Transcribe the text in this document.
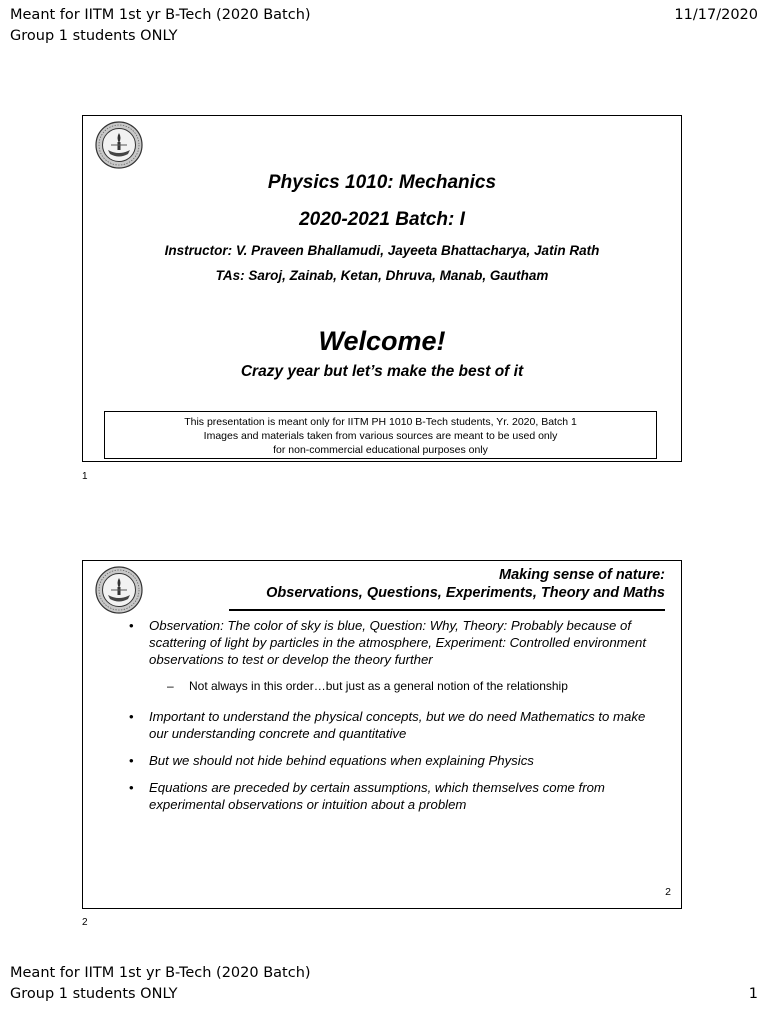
Meant for IITM 1st yr B-Tech (2020 Batch)
Group 1 students ONLY
11/17/2020
Physics 1010: Mechanics
2020-2021 Batch: I
Instructor: V. Praveen Bhallamudi, Jayeeta Bhattacharya, Jatin Rath
TAs: Saroj, Zainab, Ketan, Dhruva, Manab, Gautham
Welcome!
Crazy year but let’s make the best of it
This presentation is meant only for IITM PH 1010 B-Tech students, Yr. 2020, Batch 1
Images and materials taken from various sources are meant to be used only
for non-commercial educational purposes only
1
Making sense of nature:
Observations, Questions, Experiments, Theory and Maths
• Observation: The color of sky is blue, Question: Why, Theory: Probably because of scattering of light by particles in the atmosphere, Experiment: Controlled environment observations to test or develop the theory further
– Not always in this order…but just as a general notion of the relationship
• Important to understand the physical concepts, but we do need Mathematics to make our understanding concrete and quantitative
• But we should not hide behind equations when explaining Physics
• Equations are preceded by certain assumptions, which themselves come from experimental observations or intuition about a problem
2
2
Meant for IITM 1st yr B-Tech (2020 Batch)
Group 1 students ONLY	1
